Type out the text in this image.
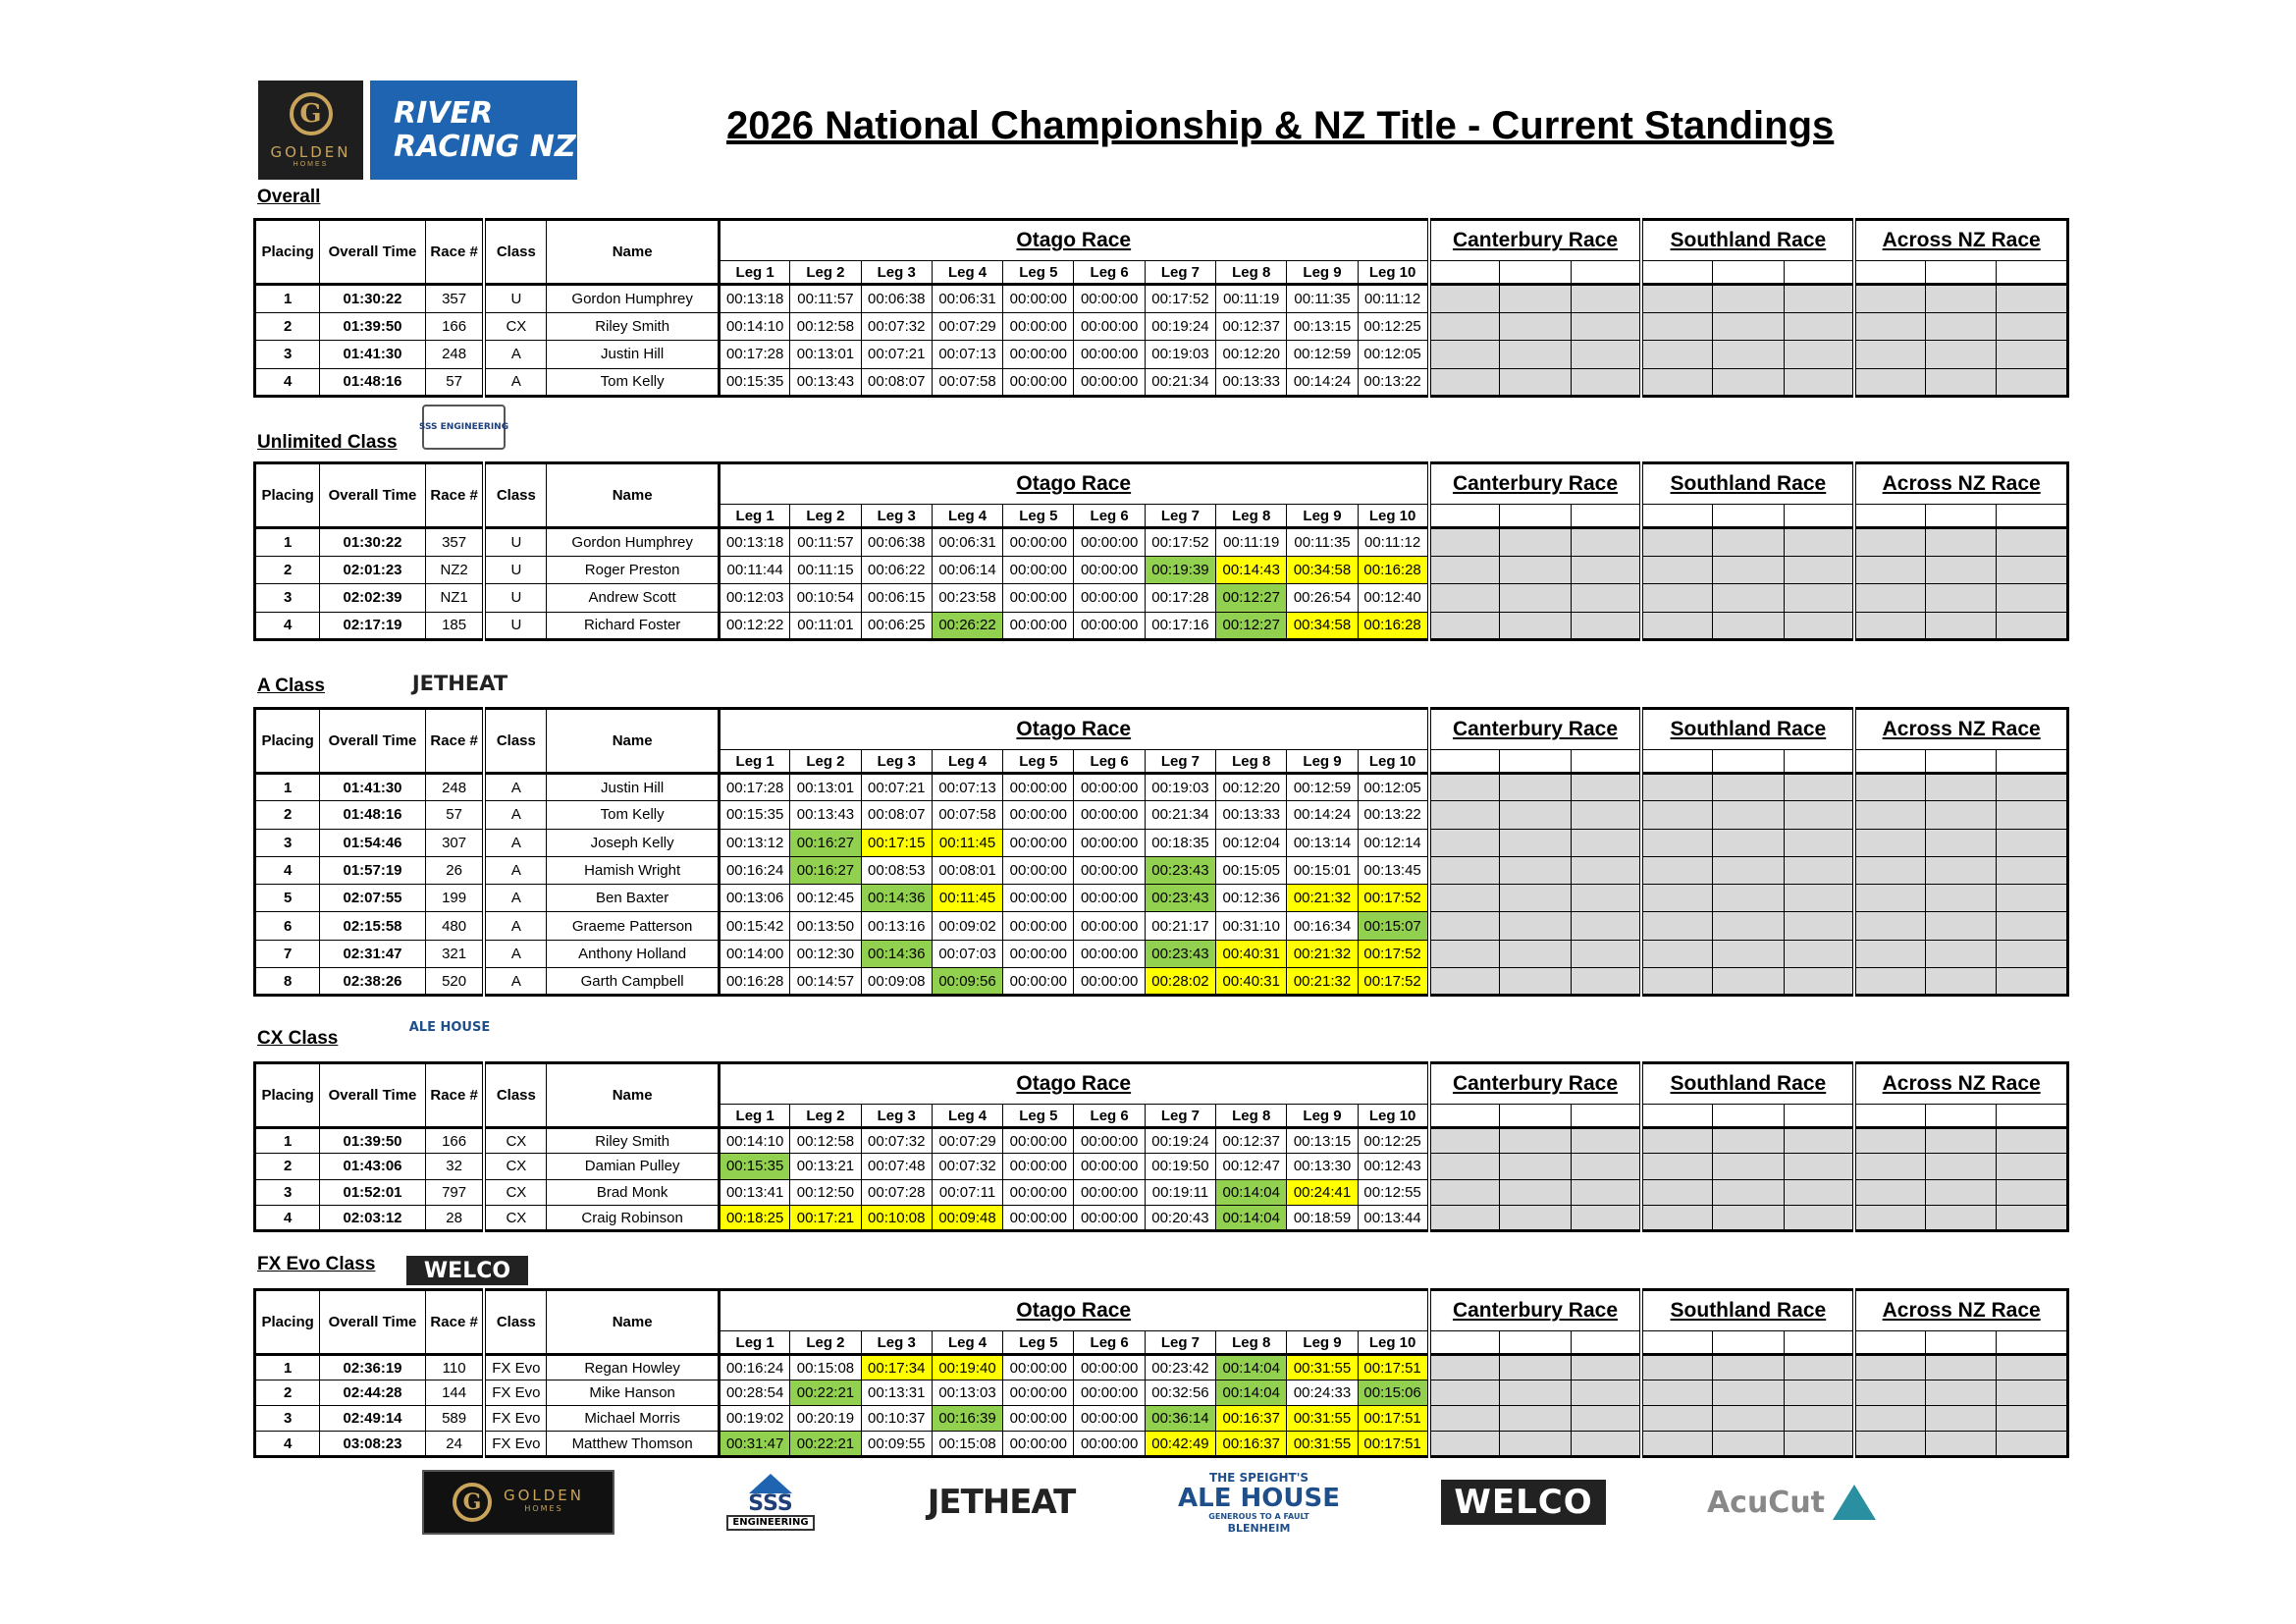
G
GOLDEN
HOMES
RIVER
RACING NZ	2026 National Championship & NZ Title - Current Standings
Overall
Placing	Overall Time	Race #	Class	Name	Otago Race										Canterbury Race			Southland Race			Across NZ Race		
					Leg 1	Leg 2	Leg 3	Leg 4	Leg 5	Leg 6	Leg 7	Leg 8	Leg 9	Leg 10									
1	01:30:22	357	U	Gordon Humphrey	00:13:18	00:11:57	00:06:38	00:06:31	00:00:00	00:00:00	00:17:52	00:11:19	00:11:35	00:11:12									
2	01:39:50	166	CX	Riley Smith	00:14:10	00:12:58	00:07:32	00:07:29	00:00:00	00:00:00	00:19:24	00:12:37	00:13:15	00:12:25									
3	01:41:30	248	A	Justin Hill	00:17:28	00:13:01	00:07:21	00:07:13	00:00:00	00:00:00	00:19:03	00:12:20	00:12:59	00:12:05									
4	01:48:16	57	A	Tom Kelly	00:15:35	00:13:43	00:08:07	00:07:58	00:00:00	00:00:00	00:21:34	00:13:33	00:14:24	00:13:22									
Unlimited Class
SSS ENGINEERING
Placing	Overall Time	Race #	Class	Name	Otago Race										Canterbury Race			Southland Race			Across NZ Race		
					Leg 1	Leg 2	Leg 3	Leg 4	Leg 5	Leg 6	Leg 7	Leg 8	Leg 9	Leg 10									
1	01:30:22	357	U	Gordon Humphrey	00:13:18	00:11:57	00:06:38	00:06:31	00:00:00	00:00:00	00:17:52	00:11:19	00:11:35	00:11:12									
2	02:01:23	NZ2	U	Roger Preston	00:11:44	00:11:15	00:06:22	00:06:14	00:00:00	00:00:00	00:19:39	00:14:43	00:34:58	00:16:28									
3	02:02:39	NZ1	U	Andrew Scott	00:12:03	00:10:54	00:06:15	00:23:58	00:00:00	00:00:00	00:17:28	00:12:27	00:26:54	00:12:40									
4	02:17:19	185	U	Richard Foster	00:12:22	00:11:01	00:06:25	00:26:22	00:00:00	00:00:00	00:17:16	00:12:27	00:34:58	00:16:28									
A Class	JETHEAT
Placing	Overall Time	Race #	Class	Name	Otago Race										Canterbury Race			Southland Race			Across NZ Race		
					Leg 1	Leg 2	Leg 3	Leg 4	Leg 5	Leg 6	Leg 7	Leg 8	Leg 9	Leg 10									
1	01:41:30	248	A	Justin Hill	00:17:28	00:13:01	00:07:21	00:07:13	00:00:00	00:00:00	00:19:03	00:12:20	00:12:59	00:12:05									
2	01:48:16	57	A	Tom Kelly	00:15:35	00:13:43	00:08:07	00:07:58	00:00:00	00:00:00	00:21:34	00:13:33	00:14:24	00:13:22									
3	01:54:46	307	A	Joseph Kelly	00:13:12	00:16:27	00:17:15	00:11:45	00:00:00	00:00:00	00:18:35	00:12:04	00:13:14	00:12:14									
4	01:57:19	26	A	Hamish Wright	00:16:24	00:16:27	00:08:53	00:08:01	00:00:00	00:00:00	00:23:43	00:15:05	00:15:01	00:13:45									
5	02:07:55	199	A	Ben Baxter	00:13:06	00:12:45	00:14:36	00:11:45	00:00:00	00:00:00	00:23:43	00:12:36	00:21:32	00:17:52									
6	02:15:58	480	A	Graeme Patterson	00:15:42	00:13:50	00:13:16	00:09:02	00:00:00	00:00:00	00:21:17	00:31:10	00:16:34	00:15:07									
7	02:31:47	321	A	Anthony Holland	00:14:00	00:12:30	00:14:36	00:07:03	00:00:00	00:00:00	00:23:43	00:40:31	00:21:32	00:17:52									
8	02:38:26	520	A	Garth Campbell	00:16:28	00:14:57	00:09:08	00:09:56	00:00:00	00:00:00	00:28:02	00:40:31	00:21:32	00:17:52									
CX Class
ALE HOUSE
Placing	Overall Time	Race #	Class	Name	Otago Race										Canterbury Race			Southland Race			Across NZ Race		
					Leg 1	Leg 2	Leg 3	Leg 4	Leg 5	Leg 6	Leg 7	Leg 8	Leg 9	Leg 10									
1	01:39:50	166	CX	Riley Smith	00:14:10	00:12:58	00:07:32	00:07:29	00:00:00	00:00:00	00:19:24	00:12:37	00:13:15	00:12:25									
2	01:43:06	32	CX	Damian Pulley	00:15:35	00:13:21	00:07:48	00:07:32	00:00:00	00:00:00	00:19:50	00:12:47	00:13:30	00:12:43									
3	01:52:01	797	CX	Brad Monk	00:13:41	00:12:50	00:07:28	00:07:11	00:00:00	00:00:00	00:19:11	00:14:04	00:24:41	00:12:55									
4	02:03:12	28	CX	Craig Robinson	00:18:25	00:17:21	00:10:08	00:09:48	00:00:00	00:00:00	00:20:43	00:14:04	00:18:59	00:13:44									
FX Evo Class	WELCO
Placing	Overall Time	Race #	Class	Name	Otago Race										Canterbury Race			Southland Race			Across NZ Race		
					Leg 1	Leg 2	Leg 3	Leg 4	Leg 5	Leg 6	Leg 7	Leg 8	Leg 9	Leg 10									
1	02:36:19	110	FX Evo	Regan Howley	00:16:24	00:15:08	00:17:34	00:19:40	00:00:00	00:00:00	00:23:42	00:14:04	00:31:55	00:17:51									
2	02:44:28	144	FX Evo	Mike Hanson	00:28:54	00:22:21	00:13:31	00:13:03	00:00:00	00:00:00	00:32:56	00:14:04	00:24:33	00:15:06									
3	02:49:14	589	FX Evo	Michael Morris	00:19:02	00:20:19	00:10:37	00:16:39	00:00:00	00:00:00	00:36:14	00:16:37	00:31:55	00:17:51									
4	03:08:23	24	FX Evo	Matthew Thomson	00:31:47	00:22:21	00:09:55	00:15:08	00:00:00	00:00:00	00:42:49	00:16:37	00:31:55	00:17:51									
G	GOLDEN
HOMES	SSS
ENGINEERING
JETHEAT
THE SPEIGHT'S
ALE HOUSE
GENEROUS TO A FAULT
BLENHEIM
WELCO	AcuCut
